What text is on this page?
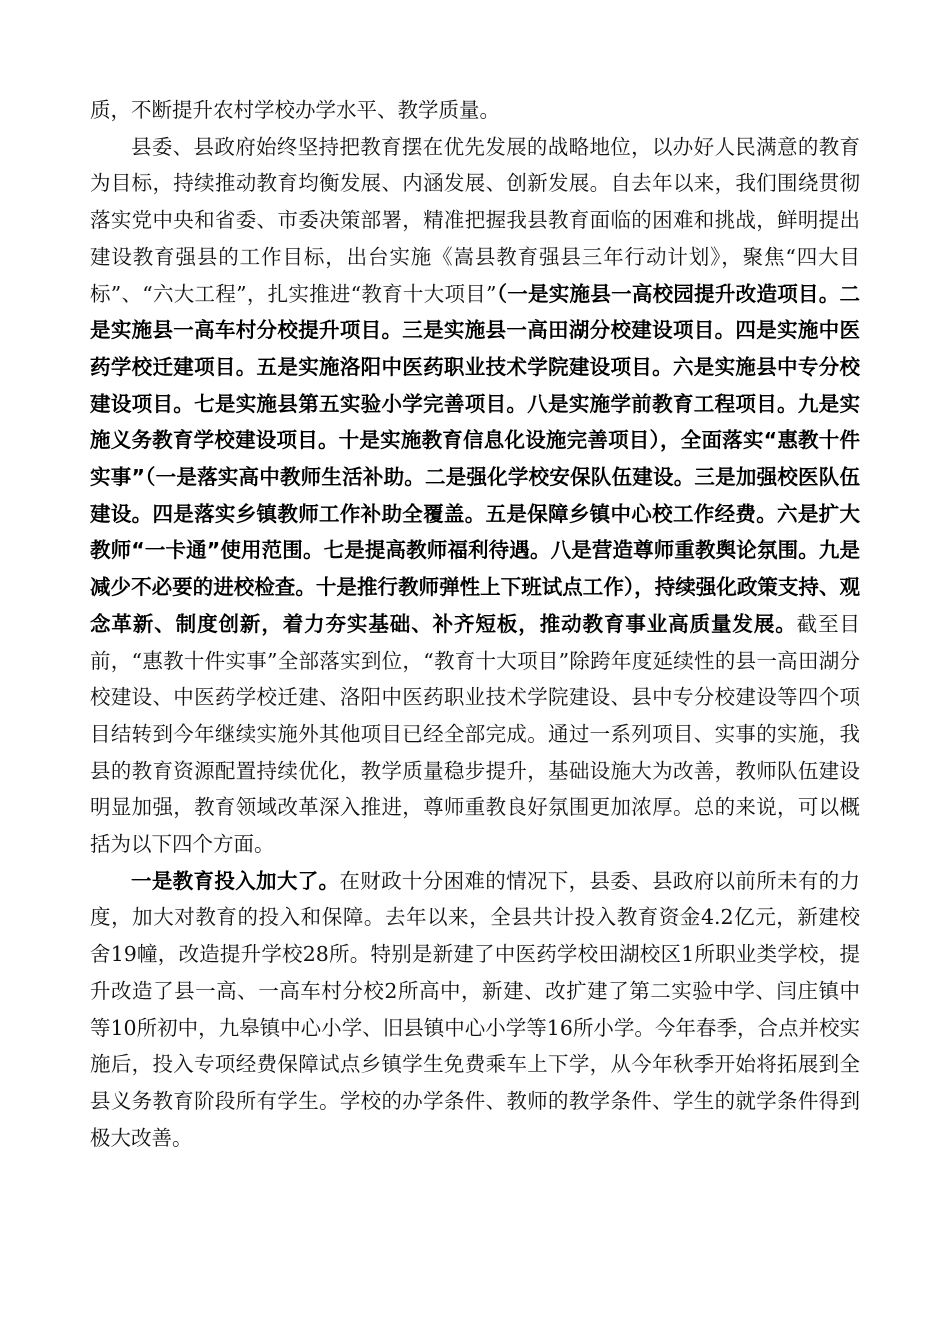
质，不断提升农村学校办学水平、教学质量。

县委、县政府始终坚持把教育摆在优先发展的战略地位，以办好人民满意的教育为目标，持续推动教育均衡发展、内涵发展、创新发展。自去年以来，我们围绕贯彻落实党中央和省委、市委决策部署，精准把握我县教育面临的困难和挑战，鲜明提出建设教育强县的工作目标，出台实施《嵩县教育强县三年行动计划》，聚焦“四大目标”、“六大工程”，扎实推进“教育十大项目”（一是实施县一高校园提升改造项目。二是实施县一高车村分校提升项目。三是实施县一高田湖分校建设项目。四是实施中医药学校迁建项目。五是实施洛阳中医药职业技术学院建设项目。六是实施县中专分校建设项目。七是实施县第五实验小学完善项目。八是实施学前教育工程项目。九是实施义务教育学校建设项目。十是实施教育信息化设施完善项目），全面落实“惠教十件实事”（一是落实高中教师生活补助。二是强化学校安保队伍建设。三是加强校医队伍建设。四是落实乡镇教师工作补助全覆盖。五是保障乡镇中心校工作经费。六是扩大教师“一卡通”使用范围。七是提高教师福利待遇。八是营造尊师重教舆论氛围。九是减少不必要的进校检查。十是推行教师弹性上下班试点工作），持续强化政策支持、观念革新、制度创新，着力夯实基础、补齐短板，推动教育事业高质量发展。截至目前，“惠教十件实事”全部落实到位，“教育十大项目”除跨年度延续性的县一高田湖分校建设、中医药学校迁建、洛阳中医药职业技术学院建设、县中专分校建设等四个项目结转到今年继续实施外其他项目已经全部完成。通过一系列项目、实事的实施，我县的教育资源配置持续优化，教学质量稳步提升，基础设施大为改善，教师队伍建设明显加强，教育领域改革深入推进，尊师重教良好氛围更加浓厚。总的来说，可以概括为以下四个方面。

一是教育投入加大了。在财政十分困难的情况下，县委、县政府以前所未有的力度，加大对教育的投入和保障。去年以来，全县共计投入教育资金4.2亿元，新建校舍19幢，改造提升学校28所。特别是新建了中医药学校田湖校区1所职业类学校，提升改造了县一高、一高车村分校2所高中，新建、改扩建了第二实验中学、闫庄镇中等10所初中，九皋镇中心小学、旧县镇中心小学等16所小学。今年春季，合点并校实施后，投入专项经费保障试点乡镇学生免费乘车上下学，从今年秋季开始将拓展到全县义务教育阶段所有学生。学校的办学条件、教师的教学条件、学生的就学条件得到极大改善。
